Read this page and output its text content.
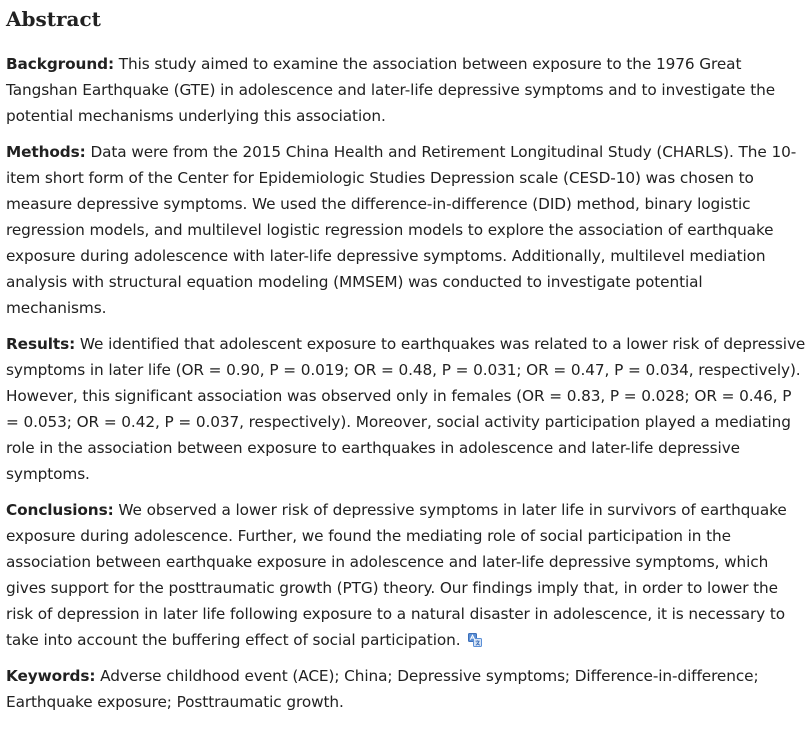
Abstract

Background: This study aimed to examine the association between exposure to the 1976 Great Tangshan Earthquake (GTE) in adolescence and later-life depressive symptoms and to investigate the potential mechanisms underlying this association.

Methods: Data were from the 2015 China Health and Retirement Longitudinal Study (CHARLS). The 10-item short form of the Center for Epidemiologic Studies Depression scale (CESD-10) was chosen to measure depressive symptoms. We used the difference-in-difference (DID) method, binary logistic regression models, and multilevel logistic regression models to explore the association of earthquake exposure during adolescence with later-life depressive symptoms. Additionally, multilevel mediation analysis with structural equation modeling (MMSEM) was conducted to investigate potential mechanisms.

Results: We identified that adolescent exposure to earthquakes was related to a lower risk of depressive symptoms in later life (OR = 0.90, P = 0.019; OR = 0.48, P = 0.031; OR = 0.47, P = 0.034, respectively). However, this significant association was observed only in females (OR = 0.83, P = 0.028; OR = 0.46, P = 0.053; OR = 0.42, P = 0.037, respectively). Moreover, social activity participation played a mediating role in the association between exposure to earthquakes in adolescence and later-life depressive symptoms.

Conclusions: We observed a lower risk of depressive symptoms in later life in survivors of earthquake exposure during adolescence. Further, we found the mediating role of social participation in the association between earthquake exposure in adolescence and later-life depressive symptoms, which gives support for the posttraumatic growth (PTG) theory. Our findings imply that, in order to lower the risk of depression in later life following exposure to a natural disaster in adolescence, it is necessary to take into account the buffering effect of social participation.

Keywords: Adverse childhood event (ACE); China; Depressive symptoms; Difference-in-difference; Earthquake exposure; Posttraumatic growth.
